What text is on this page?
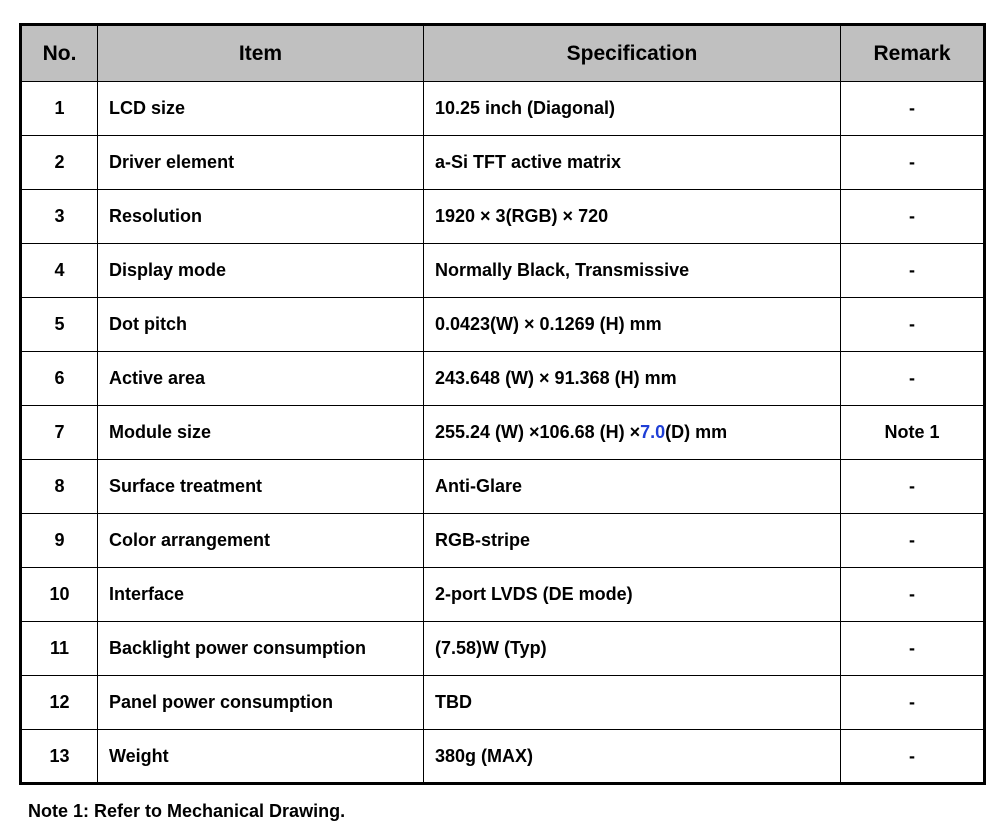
No.	Item	Specification	Remark
1	LCD size	10.25 inch (Diagonal)	-
2	Driver element	a-Si TFT active matrix	-
3	Resolution	1920 × 3(RGB) × 720	-
4	Display mode	Normally Black, Transmissive	-
5	Dot pitch	0.0423(W) × 0.1269 (H) mm	-
6	Active area	243.648 (W) × 91.368 (H) mm	-
7	Module size	255.24 (W) ×106.68 (H) ×7.0(D) mm	Note 1
8	Surface treatment	Anti-Glare	-
9	Color arrangement	RGB-stripe	-
10	Interface	2-port LVDS (DE mode)	-
11	Backlight power consumption	(7.58)W (Typ)	-
12	Panel power consumption	TBD	-
13	Weight	380g (MAX)	-
Note 1: Refer to Mechanical Drawing.
